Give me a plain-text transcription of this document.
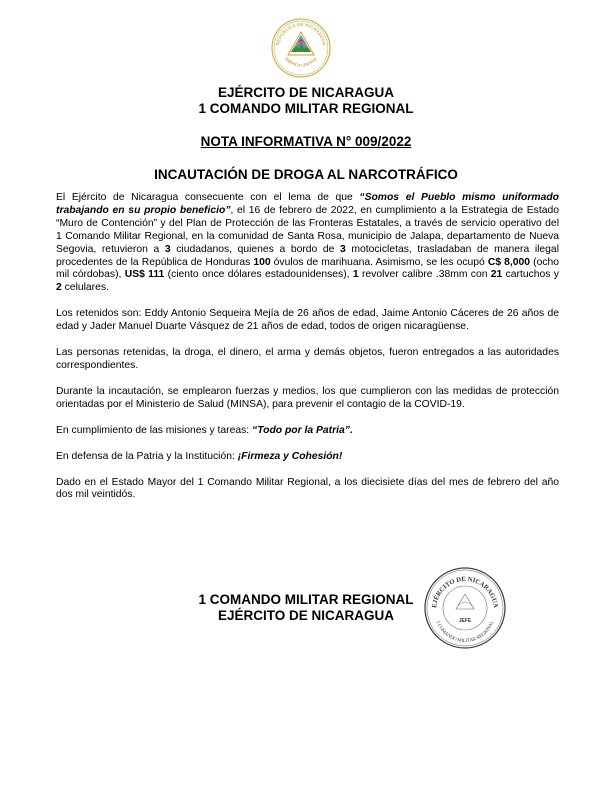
REPÚBLICA DE NICARAGUA
AMÉRICA CENTRAL
EJÉRCITO DE NICARAGUA
1 COMANDO MILITAR REGIONAL
NOTA INFORMATIVA N° 009/2022
INCAUTACIÓN DE DROGA AL NARCOTRÁFICO

El Ejército de Nicaragua consecuente con el lema de que “Somos el Pueblo mismo uniformado trabajando en su propio beneficio”, el 16 de febrero de 2022, en cumplimiento a la Estrategia de Estado “Muro de Contención” y del Plan de Protección de las Fronteras Estatales, a través de servicio operativo del 1 Comando Militar Regional, en la comunidad de Santa Rosa, municipio de Jalapa, departamento de Nueva Segovia, retuvieron a 3 ciudadanos, quienes a bordo de 3 motocicletas, trasladaban de manera ilegal procedentes de la República de Honduras 100 óvulos de marihuana. Asimismo, se les ocupó C$ 8,000 (ocho mil córdobas), US$ 111 (ciento once dólares estadounidenses), 1 revolver calibre .38mm con 21 cartuchos y 2 celulares.

Los retenidos son: Eddy Antonio Sequeira Mejía de 26 años de edad, Jaime Antonio Cáceres de 26 años de edad y Jader Manuel Duarte Vásquez de 21 años de edad, todos de origen nicaragüense.

Las personas retenidas, la droga, el dinero, el arma y demás objetos, fueron entregados a las autoridades correspondientes.

Durante la incautación, se emplearon fuerzas y medios, los que cumplieron con las medidas de protección orientadas por el Ministerio de Salud (MINSA), para prevenir el contagio de la COVID-19.

En cumplimiento de las misiones y tareas: “Todo por la Patria”.

En defensa de la Patria y la Institución: ¡Firmeza y Cohesión!

Dado en el Estado Mayor del 1 Comando Militar Regional, a los diecisiete días del mes de febrero del año dos mil veintidós.

1 COMANDO MILITAR REGIONAL
EJÉRCITO DE NICARAGUA
EJÉRCITO DE NICARAGUA
1 COMANDO MILITAR REGIONAL
JEFE
